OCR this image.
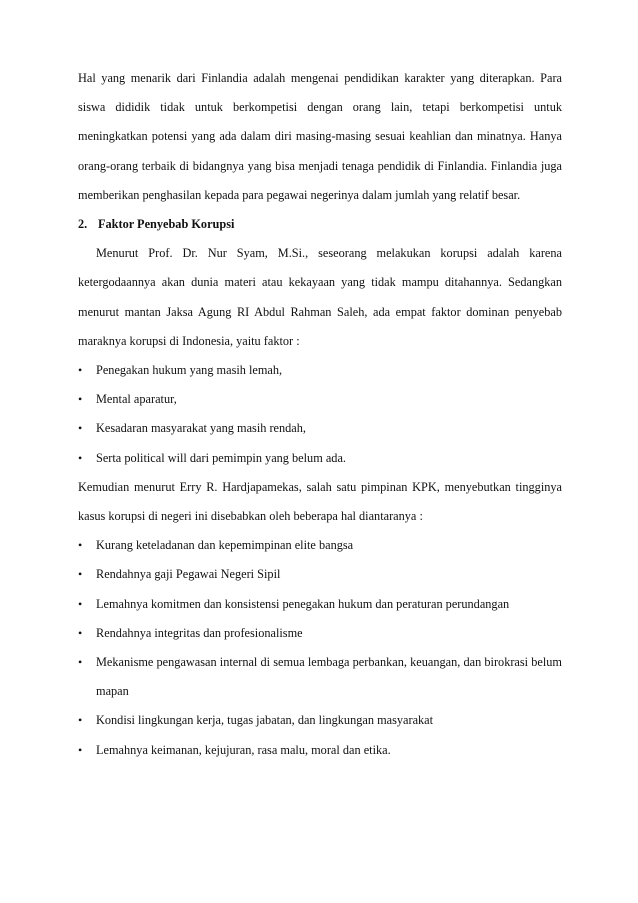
Hal yang menarik dari Finlandia adalah mengenai pendidikan karakter yang diterapkan. Para siswa dididik tidak untuk berkompetisi dengan orang lain, tetapi berkompetisi untuk meningkatkan potensi yang ada dalam diri masing-masing sesuai keahlian dan minatnya. Hanya orang-orang terbaik di bidangnya yang bisa menjadi tenaga pendidik di Finlandia. Finlandia juga memberikan penghasilan kepada para pegawai negerinya dalam jumlah yang relatif besar.

2. Faktor Penyebab Korupsi

Menurut Prof. Dr. Nur Syam, M.Si., seseorang melakukan korupsi adalah karena ketergodaannya akan dunia materi atau kekayaan yang tidak mampu ditahannya. Sedangkan menurut mantan Jaksa Agung RI Abdul Rahman Saleh, ada empat faktor dominan penyebab maraknya korupsi di Indonesia, yaitu faktor :

•
Penegakan hukum yang masih lemah,
•
Mental aparatur,
•
Kesadaran masyarakat yang masih rendah,
•
Serta political will dari pemimpin yang belum ada.

Kemudian menurut Erry R. Hardjapamekas, salah satu pimpinan KPK, menyebutkan tingginya kasus korupsi di negeri ini disebabkan oleh beberapa hal diantaranya :

•
Kurang keteladanan dan kepemimpinan elite bangsa
•
Rendahnya gaji Pegawai Negeri Sipil
•
Lemahnya komitmen dan konsistensi penegakan hukum dan peraturan perundangan
•
Rendahnya integritas dan profesionalisme
•
Mekanisme pengawasan internal di semua lembaga perbankan, keuangan, dan birokrasi belum mapan
•
Kondisi lingkungan kerja, tugas jabatan, dan lingkungan masyarakat
•
Lemahnya keimanan, kejujuran, rasa malu, moral dan etika.
